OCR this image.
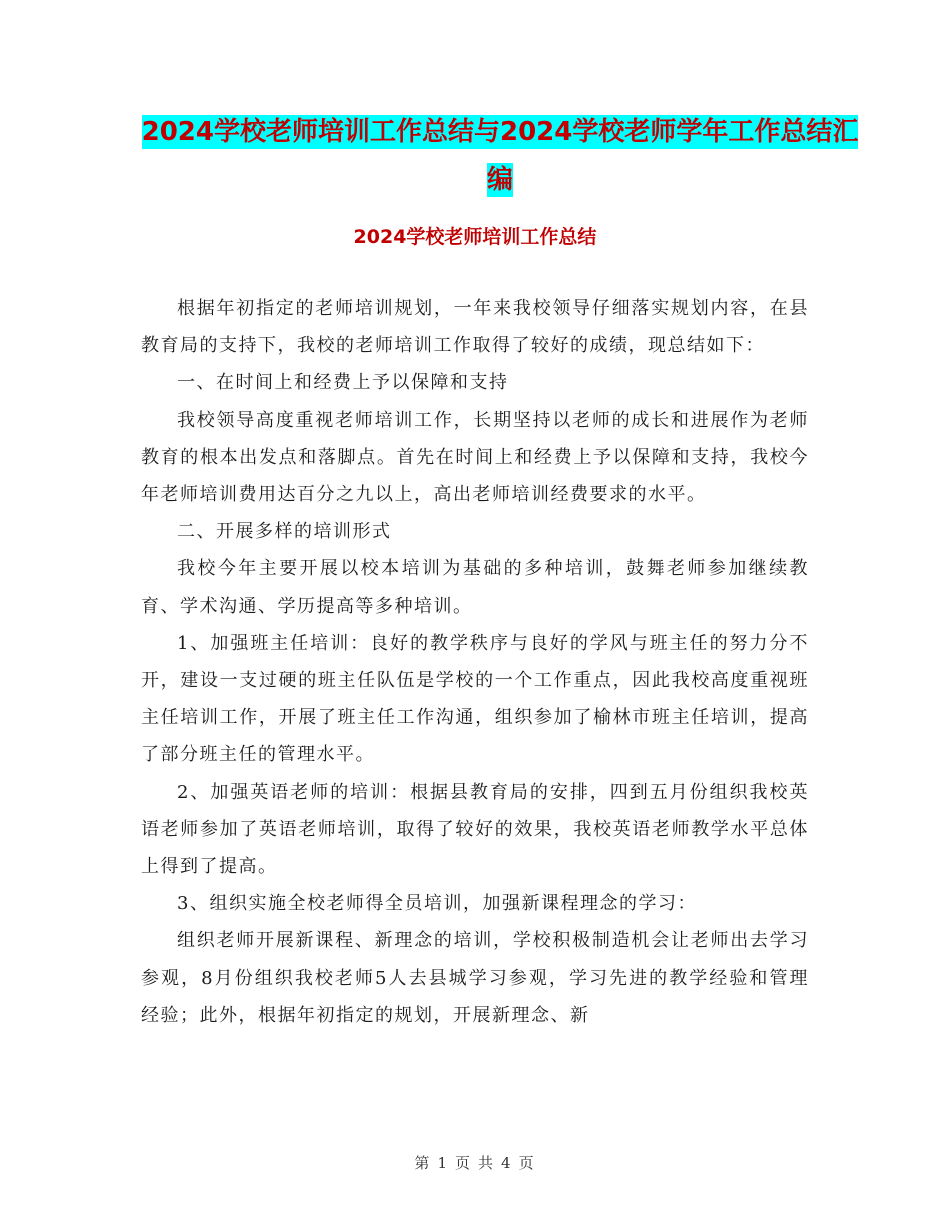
2024学校老师培训工作总结与2024学校老师学年工作总结汇编
2024学校老师培训工作总结

根据年初指定的老师培训规划，一年来我校领导仔细落实规划内容，在县教育局的支持下，我校的老师培训工作取得了较好的成绩，现总结如下：

一、在时间上和经费上予以保障和支持

我校领导高度重视老师培训工作，长期坚持以老师的成长和进展作为老师教育的根本出发点和落脚点。首先在时间上和经费上予以保障和支持，我校今年老师培训费用达百分之九以上，高出老师培训经费要求的水平。

二、开展多样的培训形式

我校今年主要开展以校本培训为基础的多种培训，鼓舞老师参加继续教育、学术沟通、学历提高等多种培训。

1、加强班主任培训：良好的教学秩序与良好的学风与班主任的努力分不开，建设一支过硬的班主任队伍是学校的一个工作重点，因此我校高度重视班主任培训工作，开展了班主任工作沟通，组织参加了榆林市班主任培训，提高了部分班主任的管理水平。

2、加强英语老师的培训：根据县教育局的安排，四到五月份组织我校英语老师参加了英语老师培训，取得了较好的效果，我校英语老师教学水平总体上得到了提高。

3、组织实施全校老师得全员培训，加强新课程理念的学习：

组织老师开展新课程、新理念的培训，学校积极制造机会让老师出去学习参观，8月份组织我校老师5人去县城学习参观，学习先进的教学经验和管理经验；此外，根据年初指定的规划，开展新理念、新

第 1 页 共 4 页
